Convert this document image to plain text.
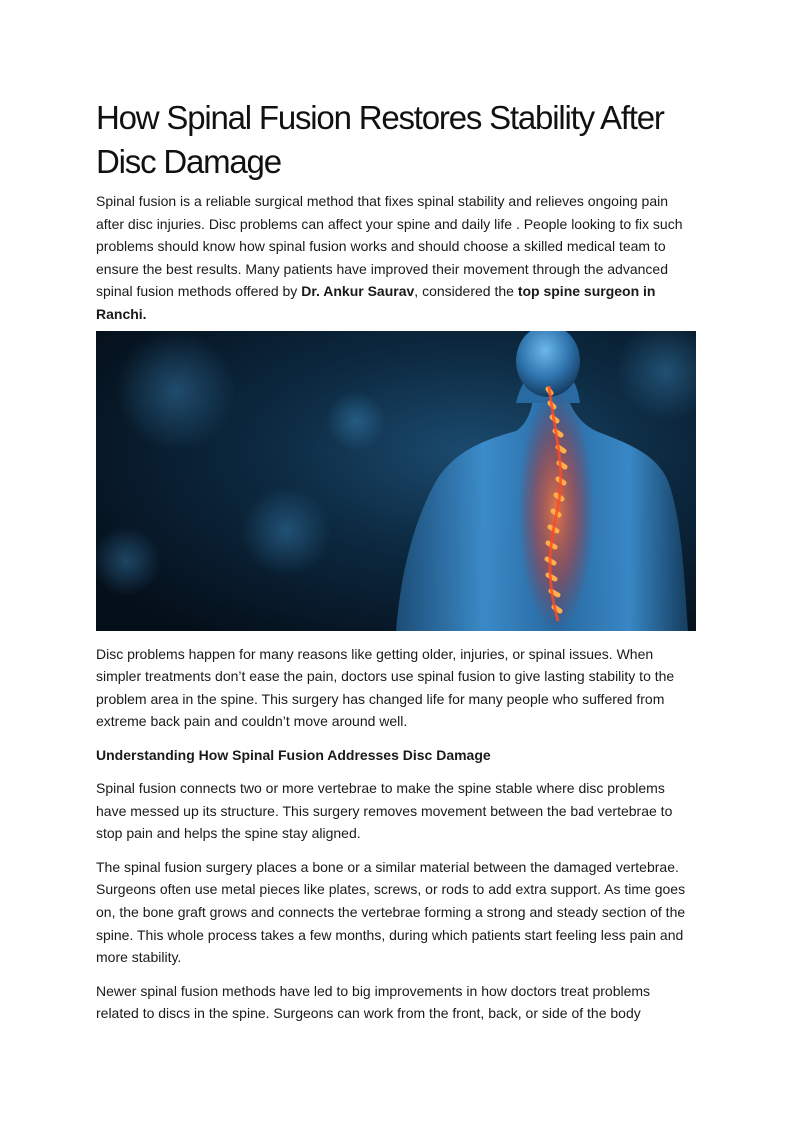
How Spinal Fusion Restores Stability After Disc Damage

Spinal fusion is a reliable surgical method that fixes spinal stability and relieves ongoing pain after disc injuries. Disc problems can affect your spine and daily life . People looking to fix such problems should know how spinal fusion works and should choose a skilled medical team to ensure the best results. Many patients have improved their movement through the advanced spinal fusion methods offered by Dr. Ankur Saurav, considered the top spine surgeon in Ranchi.

Disc problems happen for many reasons like getting older, injuries, or spinal issues. When simpler treatments don’t ease the pain, doctors use spinal fusion to give lasting stability to the problem area in the spine. This surgery has changed life for many people who suffered from extreme back pain and couldn’t move around well.

Understanding How Spinal Fusion Addresses Disc Damage

Spinal fusion connects two or more vertebrae to make the spine stable where disc problems have messed up its structure. This surgery removes movement between the bad vertebrae to stop pain and helps the spine stay aligned.

The spinal fusion surgery places a bone or a similar material between the damaged vertebrae. Surgeons often use metal pieces like plates, screws, or rods to add extra support. As time goes on, the bone graft grows and connects the vertebrae forming a strong and steady section of the spine. This whole process takes a few months, during which patients start feeling less pain and more stability.

Newer spinal fusion methods have led to big improvements in how doctors treat problems related to discs in the spine. Surgeons can work from the front, back, or side of the body
